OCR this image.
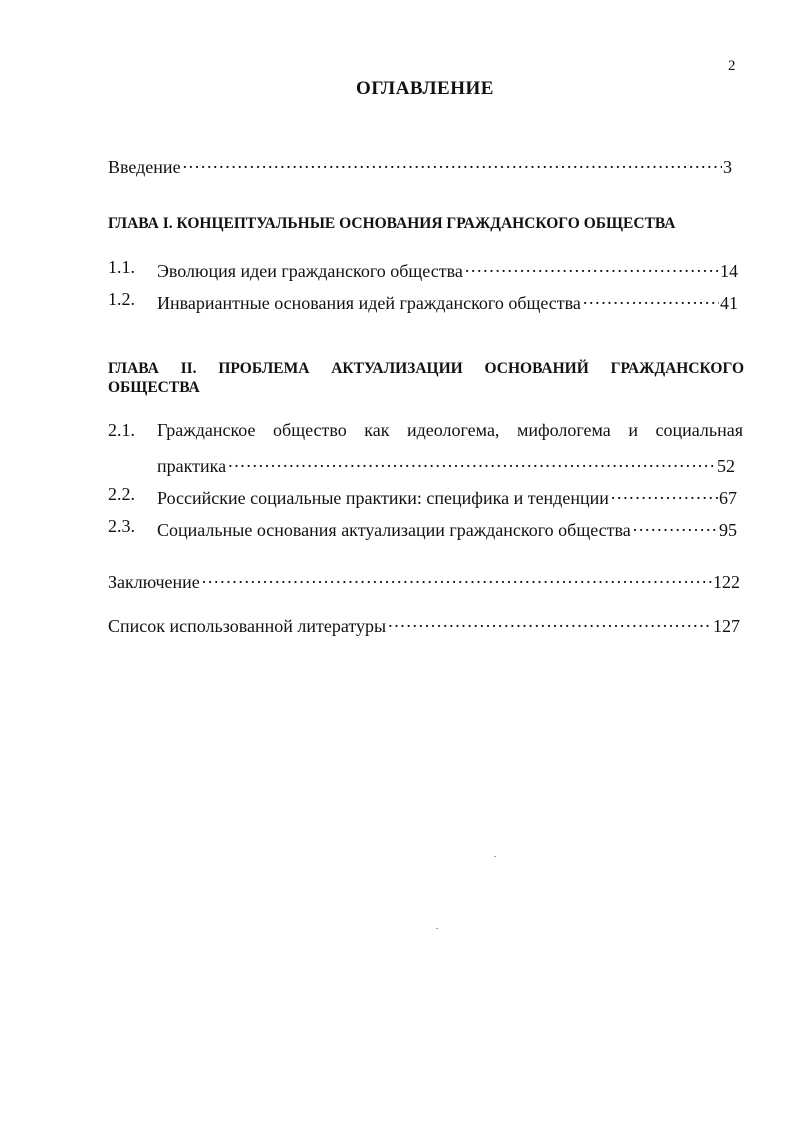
2
ОГЛАВЛЕНИЕ
Введение .....	3
ГЛАВА I. КОНЦЕПТУАЛЬНЫЕ ОСНОВАНИЯ ГРАЖДАНСКОГО ОБЩЕСТВА
1.1. Эволюция идеи гражданского общества .....	14
1.2. Инвариантные основания идей гражданского общества .....	41
ГЛАВА II. ПРОБЛЕМА АКТУАЛИЗАЦИИ ОСНОВАНИЙ ГРАЖДАНСКОГО ОБЩЕСТВА
2.1. Гражданское общество как идеологема, мифологема и социальная
практика .....	52
2.2. Российские социальные практики: специфика и тенденции .....	67
2.3. Социальные основания актуализации гражданского общества .....	95
Заключение .....	122
Список использованной литературы .....	127
